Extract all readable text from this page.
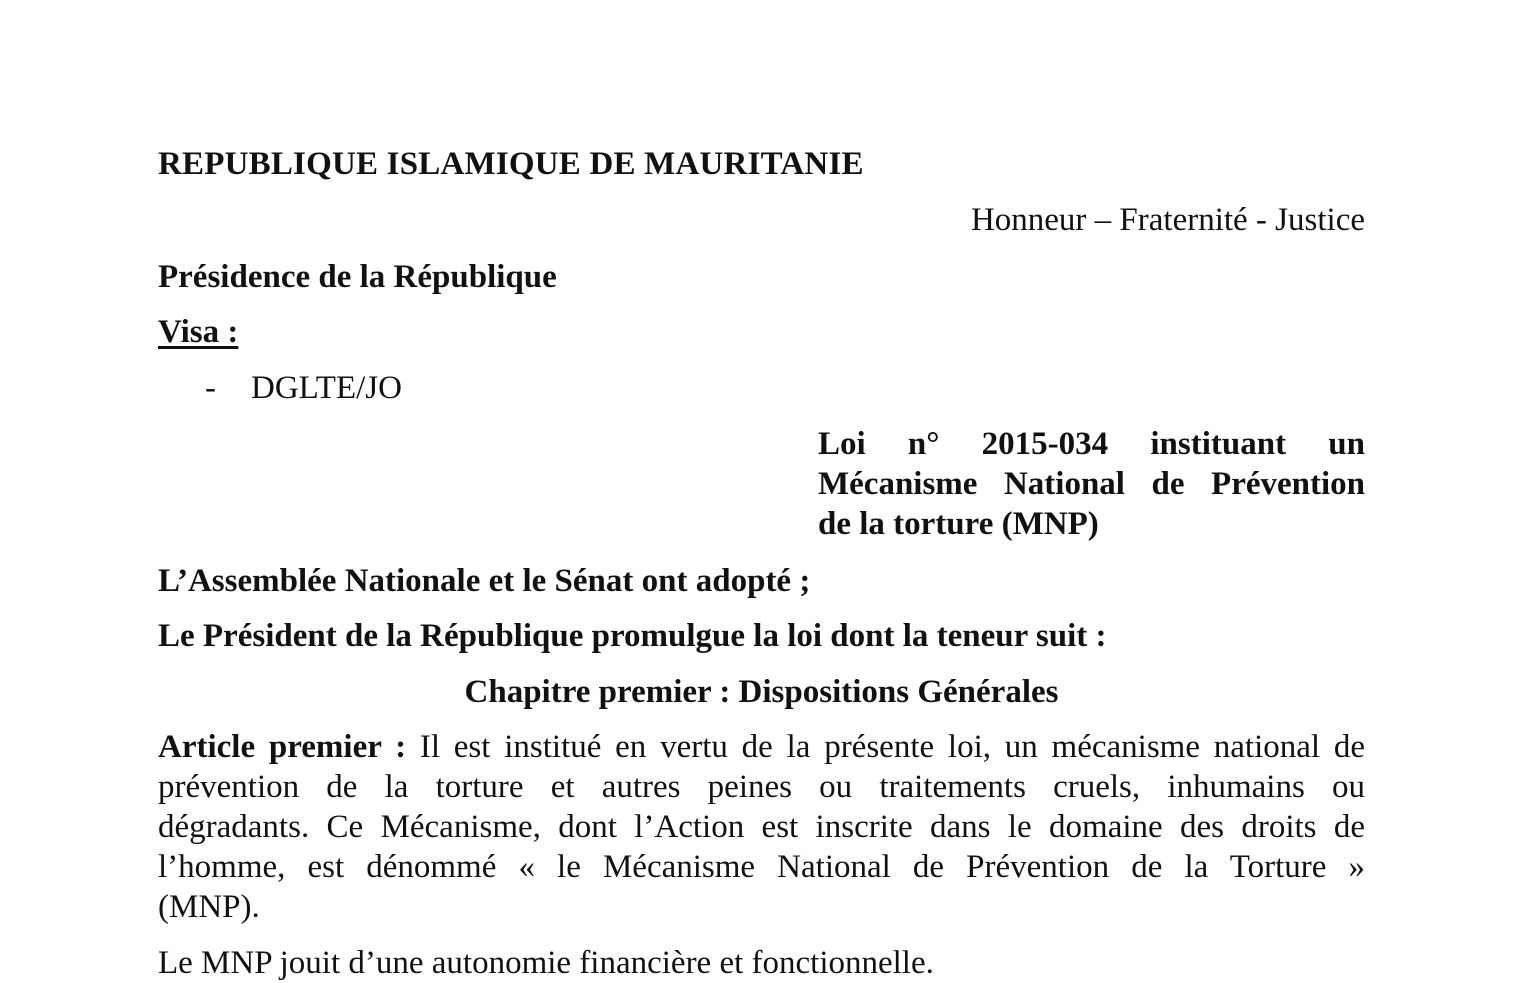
REPUBLIQUE ISLAMIQUE DE MAURITANIE
Honneur – Fraternité - Justice
Présidence de la République
Visa :
- DGLTE/JO
Loi n° 2015-034 instituant un
Mécanisme National de Prévention
de la torture (MNP)
L’Assemblée Nationale et le Sénat ont adopté ;
Le Président de la République promulgue la loi dont la teneur suit :
Chapitre premier : Dispositions Générales
Article premier : Il est institué en vertu de la présente loi, un mécanisme national de
prévention de la torture et autres peines ou traitements cruels, inhumains ou
dégradants. Ce Mécanisme, dont l’Action est inscrite dans le domaine des droits de
l’homme, est dénommé « le Mécanisme National de Prévention de la Torture »
(MNP).
Le MNP jouit d’une autonomie financière et fonctionnelle.
